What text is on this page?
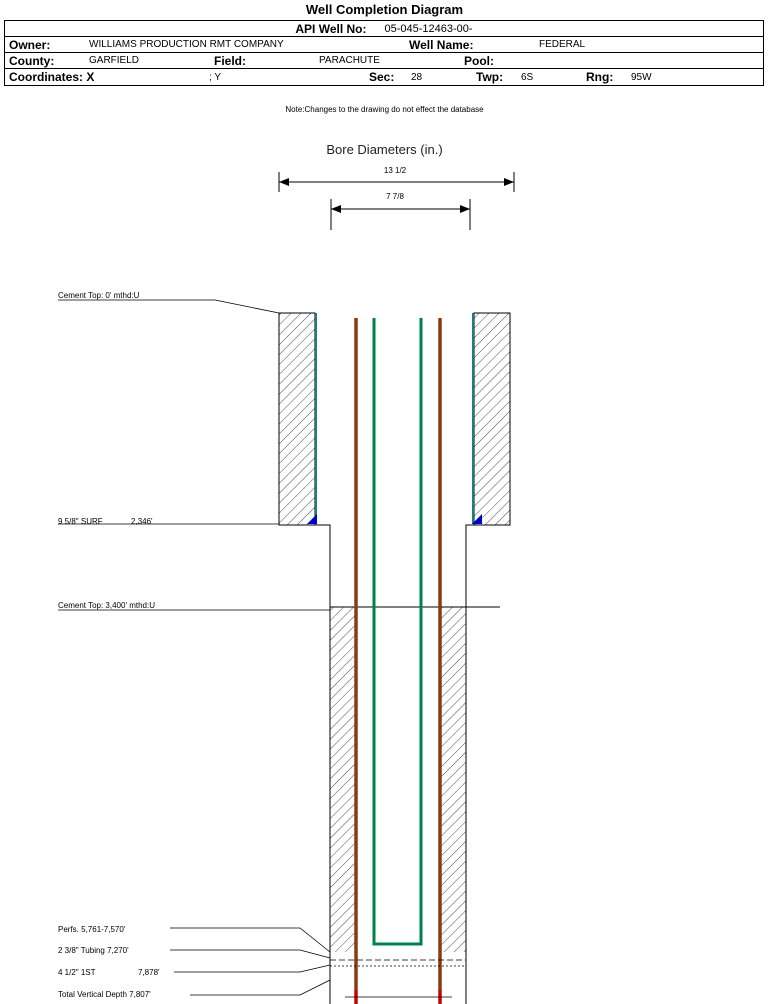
Well Completion Diagram
API Well No: 05-045-12463-00-
Owner:	WILLIAMS PRODUCTION RMT COMPANY	Well Name:	FEDERAL
County:	GARFIELD	Field:	PARACHUTE	Pool:
Coordinates: X	; Y	Sec:	28	Twp:	6S	Rng:	95W
Note:Changes to the drawing do not effect the database
Bore Diameters (in.)
13 1/2
7 7/8
Cement Top: 0' mthd:U
9 5/8" SURF	2,346'
Cement Top: 3,400' mthd:U
Perfs. 5,761-7,570'
2 3/8" Tubing 7,270'
4 1/2" 1ST	7,878'
Total Vertical Depth 7,807'
